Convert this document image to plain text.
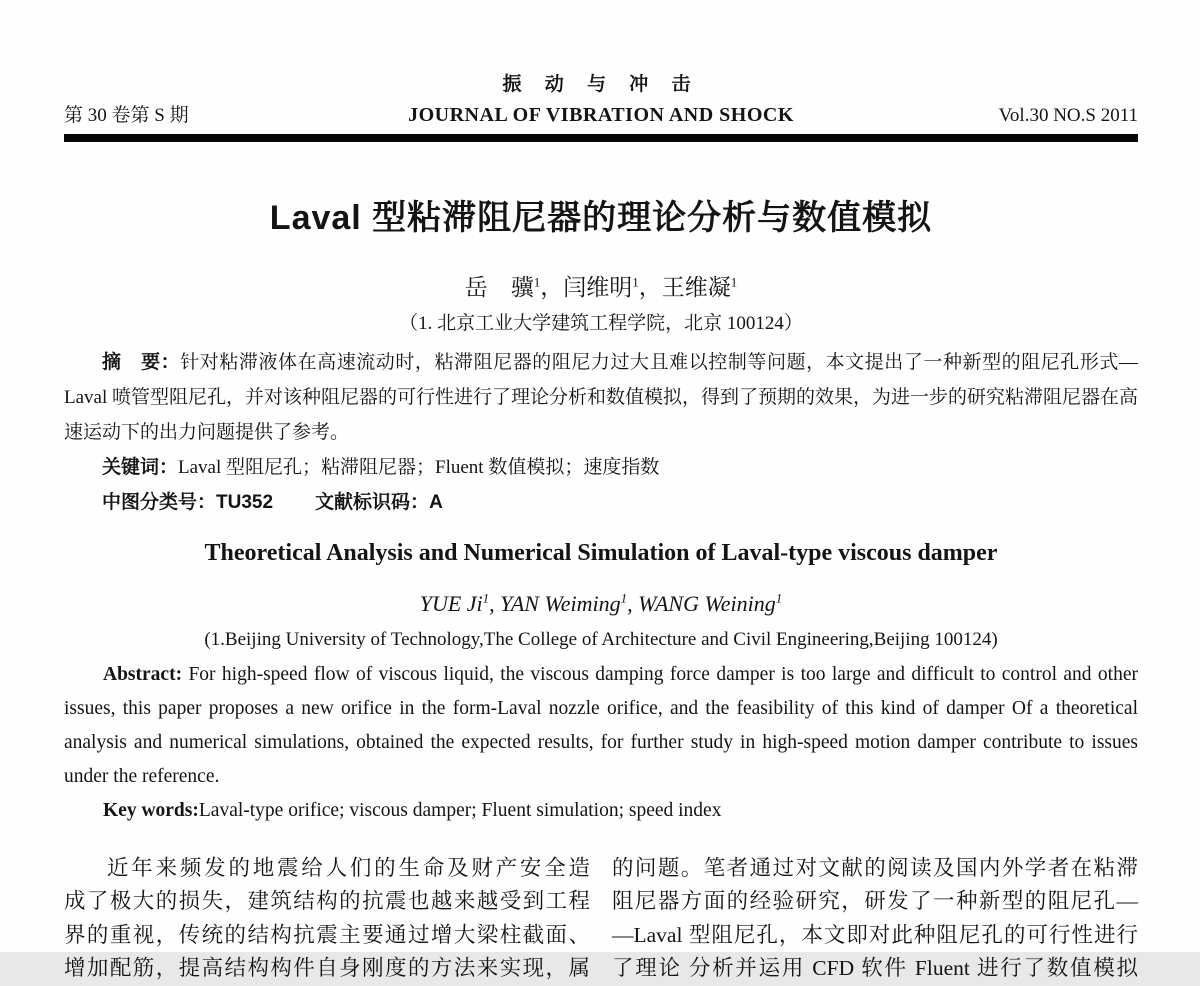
振 动 与 冲 击
第 30 卷第 S 期	JOURNAL OF VIBRATION AND SHOCK	Vol.30 NO.S 2011
Laval 型粘滞阻尼器的理论分析与数值模拟
岳　骥$^1$，闫维明$^1$，王维凝$^1$
（1. 北京工业大学建筑工程学院，北京 100124）

摘　要：针对粘滞液体在高速流动时，粘滞阻尼器的阻尼力过大且难以控制等问题，本文提出了一种新型的阻尼孔形式—Laval 喷管型阻尼孔，并对该种阻尼器的可行性进行了理论分析和数值模拟，得到了预期的效果，为进一步的研究粘滞阻尼器在高速运动下的出力问题提供了参考。

关键词：Laval 型阻尼孔；粘滞阻尼器；Fluent 数值模拟；速度指数

中图分类号：TU352 文献标识码：A

Theoretical Analysis and Numerical Simulation of Laval-type viscous damper
YUE Ji$^1$, YAN Weiming$^1$, WANG Weining$^1$
(1.Beijing University of Technology,The College of Architecture and Civil Engineering,Beijing 100124)

Abstract: For high-speed flow of viscous liquid, the viscous damping force damper is too large and difficult to control and other issues, this paper proposes a new orifice in the form-Laval nozzle orifice, and the feasibility of this kind of damper Of a theoretical analysis and numerical simulations, obtained the expected results, for further study in high-speed motion damper contribute to issues under the reference.

Key words:Laval-type orifice; viscous damper; Fluent simulation; speed index

近年来频发的地震给人们的生命及财产安全造
成了极大的损失，建筑结构的抗震也越来越受到工程
界的重视，传统的结构抗震主要通过增大梁柱截面、
增加配筋，提高结构构件自身刚度的方法来实现，属
的问题。笔者通过对文献的阅读及国内外学者在粘滞
阻尼器方面的经验研究，研发了一种新型的阻尼孔—
—Laval 型阻尼孔，本文即对此种阻尼孔的可行性进行
了理论 分析并运用 CFD 软件 Fluent 进行了数值模拟
